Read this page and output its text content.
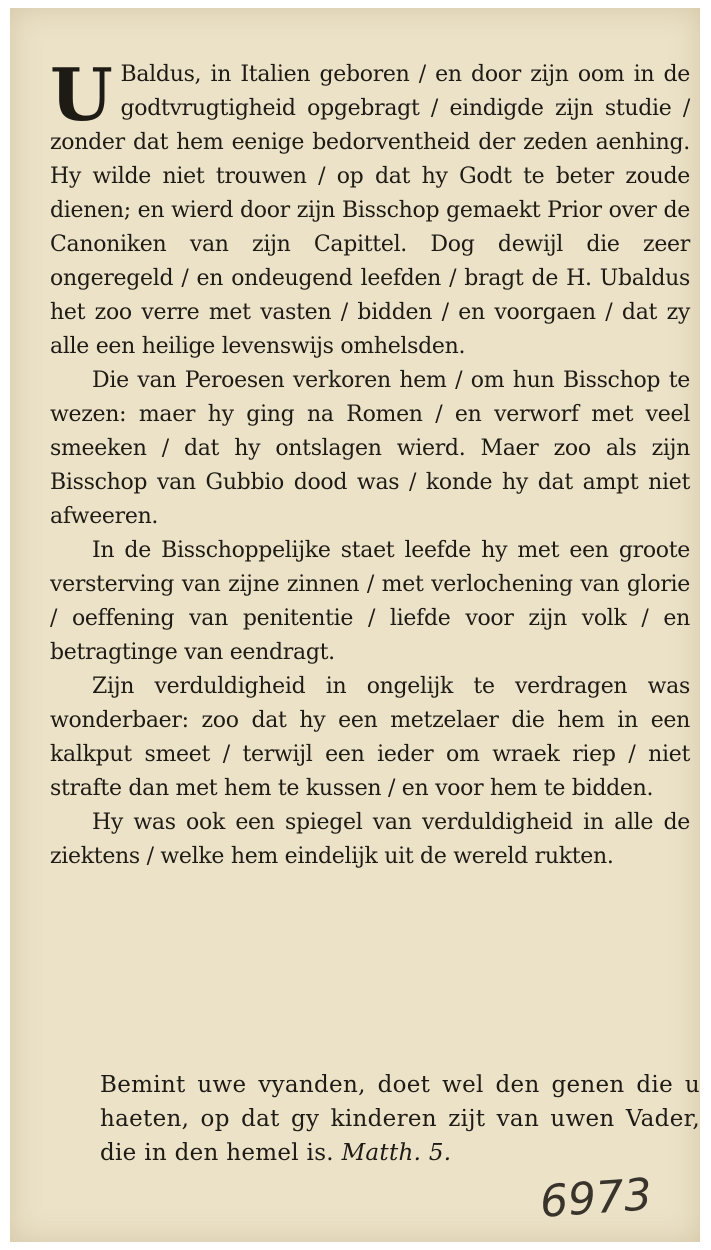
U Baldus, in Italien geboren / en door zijn oom in de godtvrugtigheid opgebragt / eindigde zijn studie / zonder dat hem eenige bedorventheid der zeden aenhing. Hy wilde niet trouwen / op dat hy Godt te beter zoude dienen; en wierd door zijn Bisschop gemaekt Prior over de Canoniken van zijn Capittel. Dog dewijl die zeer ongeregeld / en ondeugend leefden / bragt de H. Ubaldus het zoo verre met vasten / bidden / en voorgaen / dat zy alle een heilige levenswijs omhelsden.

Die van Peroesen verkoren hem / om hun Bisschop te wezen: maer hy ging na Romen / en verworf met veel smeeken / dat hy ontslagen wierd. Maer zoo als zijn Bisschop van Gubbio dood was / konde hy dat ampt niet afweeren.

In de Bisschoppelijke staet leefde hy met een groote versterving van zijne zinnen / met verlochening van glorie / oeffening van penitentie / liefde voor zijn volk / en betragtinge van eendragt.

Zijn verduldigheid in ongelijk te verdragen was wonderbaer: zoo dat hy een metzelaer die hem in een kalkput smeet / terwijl een ieder om wraek riep / niet strafte dan met hem te kussen / en voor hem te bidden.

Hy was ook een spiegel van verduldigheid in alle de ziektens / welke hem eindelijk uit de wereld rukten.

Bemint uwe vyanden, doet wel den genen die u haeten, op dat gy kinderen zijt van uwen Vader, die in den hemel is. Matth. 5.
6973
